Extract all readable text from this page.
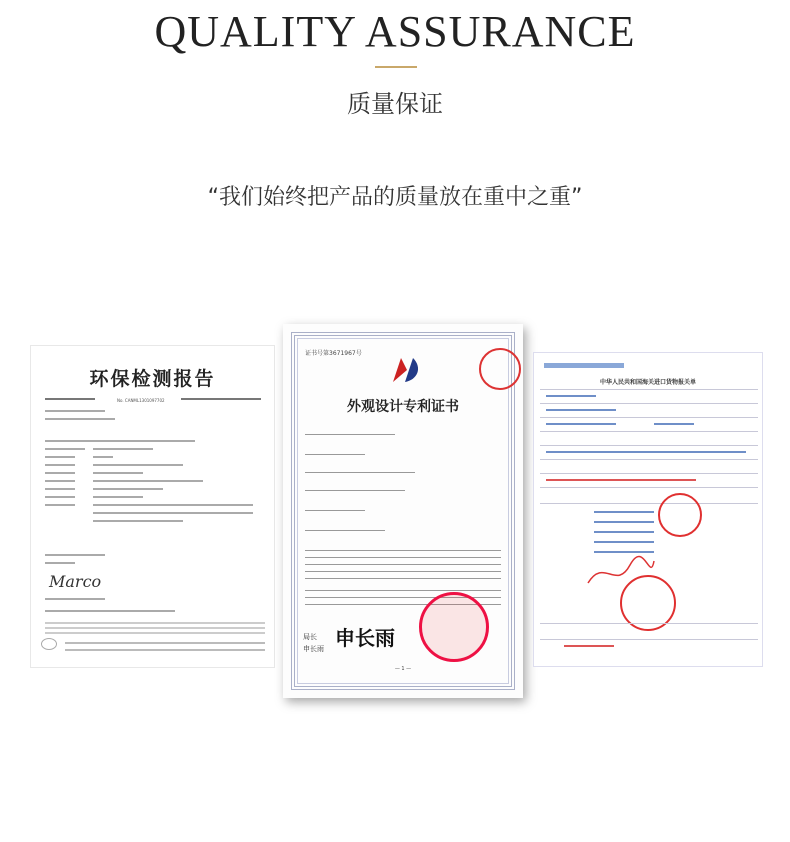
QUALITY ASSURANCE
质量保证
“我们始终把产品的质量放在重中之重”
环保检测报告
No. CANML1301097702
Marco
证书号第3671967号
外观设计专利证书
局长
申长雨 申长雨
— 1 —
中华人民共和国海关进口货物报关单
